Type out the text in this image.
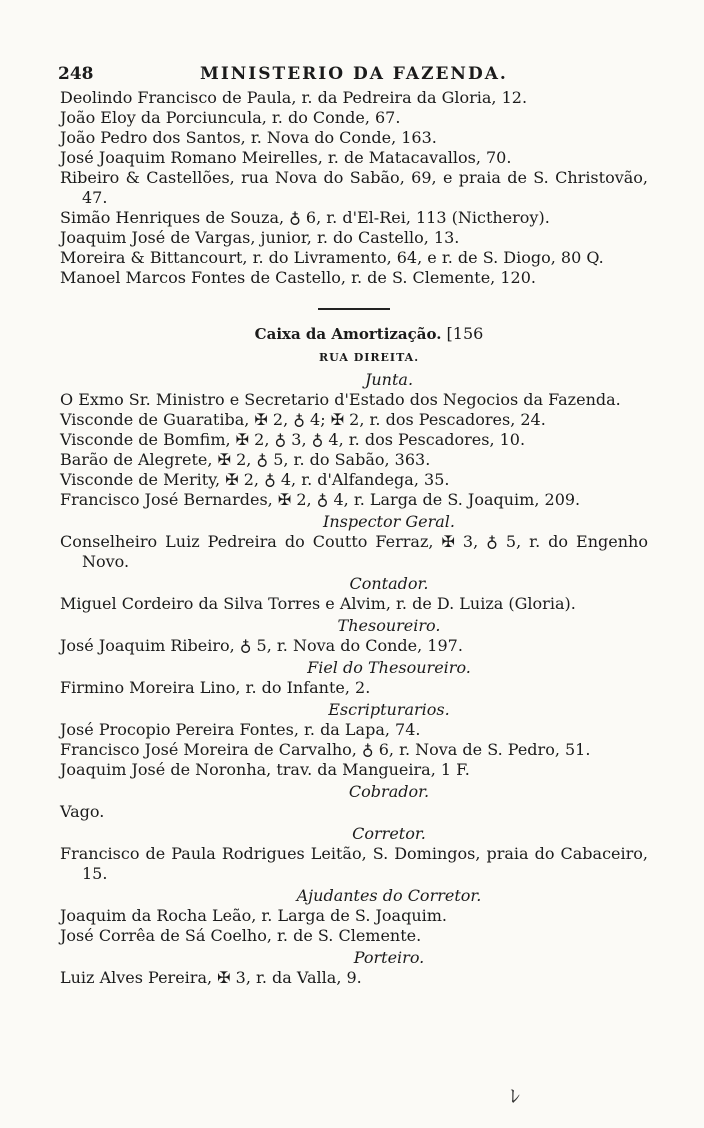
248	MINISTERIO DA FAZENDA.

Deolindo Francisco de Paula, r. da Pedreira da Gloria, 12.

João Eloy da Porciuncula, r. do Conde, 67.

João Pedro dos Santos, r. Nova do Conde, 163.

José Joaquim Romano Meirelles, r. de Matacavallos, 70.

Ribeiro & Castellões, rua Nova do Sabão, 69, e praia de S. Christovão, 47.

Simão Henriques de Souza, ♁ 6, r. d'El-Rei, 113 (Nictheroy).

Joaquim José de Vargas, junior, r. do Castello, 13.

Moreira & Bittancourt, r. do Livramento, 64, e r. de S. Diogo, 80 Q.

Manoel Marcos Fontes de Castello, r. de S. Clemente, 120.

Caixa da Amortização. [156

RUA DIREITA.

Junta.

O Exmo Sr. Ministro e Secretario d'Estado dos Negocios da Fazenda.

Visconde de Guaratiba, ✠ 2, ♁ 4; ✠ 2, r. dos Pescadores, 24.

Visconde de Bomfim, ✠ 2, ♁ 3, ♁ 4, r. dos Pescadores, 10.

Barão de Alegrete, ✠ 2, ♁ 5, r. do Sabão, 363.

Visconde de Merity, ✠ 2, ♁ 4, r. d'Alfandega, 35.

Francisco José Bernardes, ✠ 2, ♁ 4, r. Larga de S. Joaquim, 209.

Inspector Geral.

Conselheiro Luiz Pedreira do Coutto Ferraz, ✠ 3, ♁ 5, r. do Engenho Novo.

Contador.

Miguel Cordeiro da Silva Torres e Alvim, r. de D. Luiza (Gloria).

Thesoureiro.

José Joaquim Ribeiro, ♁ 5, r. Nova do Conde, 197.

Fiel do Thesoureiro.

Firmino Moreira Lino, r. do Infante, 2.

Escripturarios.

José Procopio Pereira Fontes, r. da Lapa, 74.

Francisco José Moreira de Carvalho, ♁ 6, r. Nova de S. Pedro, 51.

Joaquim José de Noronha, trav. da Mangueira, 1 F.

Cobrador.

Vago.

Corretor.

Francisco de Paula Rodrigues Leitão, S. Domingos, praia do Cabaceiro, 15.

Ajudantes do Corretor.

Joaquim da Rocha Leão, r. Larga de S. Joaquim.

José Corrêa de Sá Coelho, r. de S. Clemente.

Porteiro.

Luiz Alves Pereira, ✠ 3, r. da Valla, 9.

ﾚ
